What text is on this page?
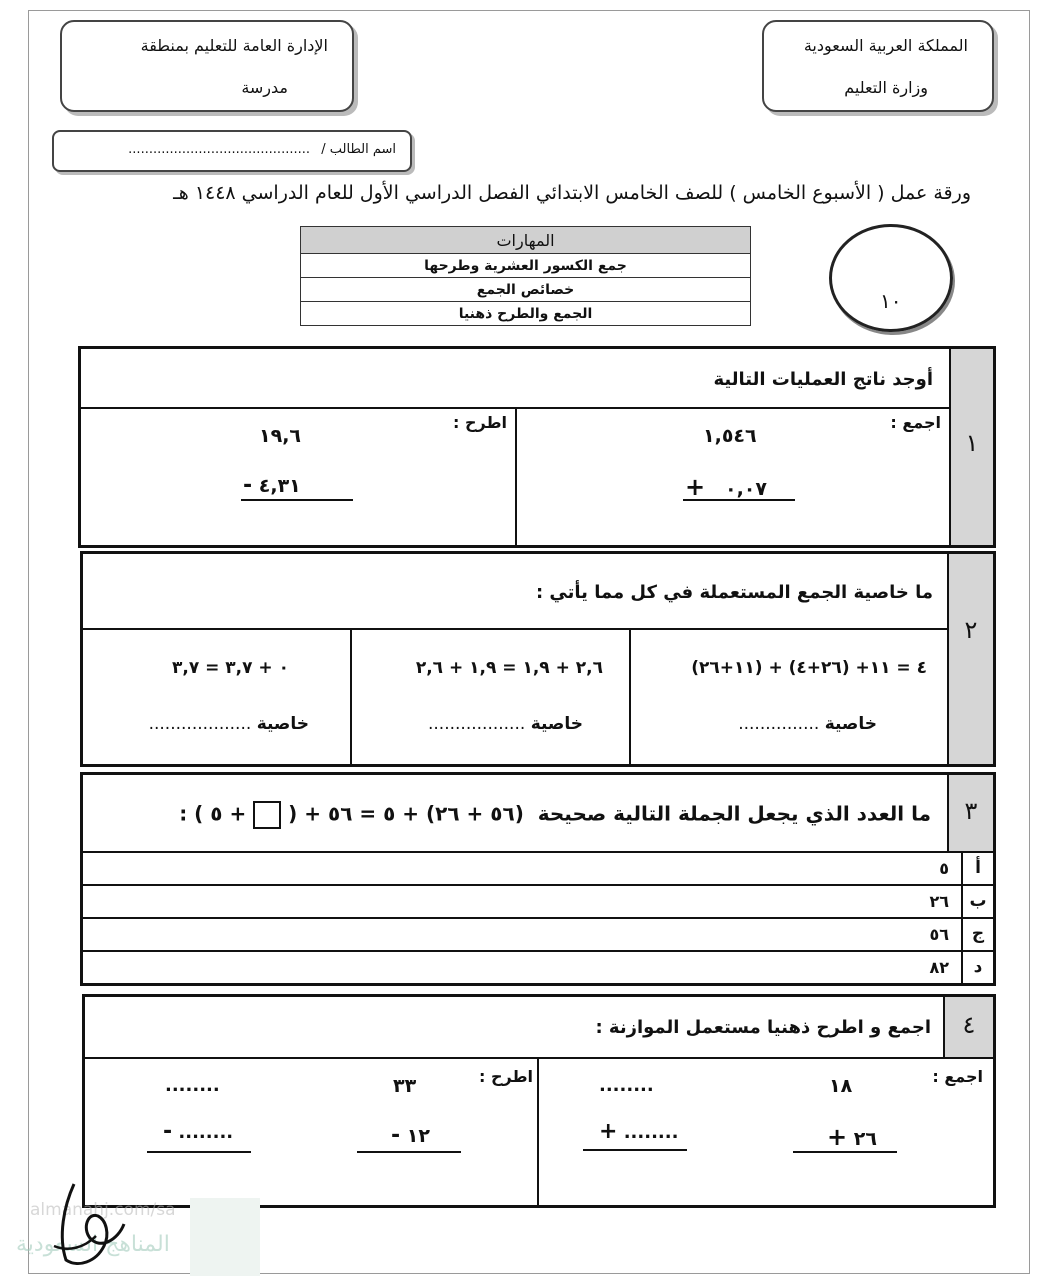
المملكة العربية السعودية
وزارة التعليم
الإدارة العامة للتعليم بمنطقة
مدرسة
اسم الطالب /
............................................
ورقة عمل ( الأسبوع الخامس ) للصف الخامس الابتدائي الفصل الدراسي الأول للعام الدراسي ١٤٤٨ هـ
المهارات
جمع الكسور العشرية وطرحها
خصائص الجمع
الجمع والطرح ذهنيا
١٠
١
أوجد ناتج العمليات التالية
اجمع :
١,٥٤٦
٠,٠٧   +
اطرح :
١٩,٦
٤,٣١ -
٢
ما خاصية الجمع المستعملة في كل مما يأتي :
(١١+٢٦) + ٤ = ١١+ (٢٦+٤)
خاصية ...............
٢,٦ + ١,٩ = ١,٩ + ٢,٦
خاصية ..................
٠ + ٣,٧ = ٣,٧
خاصية ...................
٣
ما العدد الذي يجعل الجملة التالية صحيحة  (٥٦ + ٢٦) + ٥ = ٥٦ + (  + ٥ ) :
أ
٥
ب
٢٦
ج
٥٦
د
٨٢
٤
اجمع و اطرح ذهنيا مستعمل الموازنة :
اجمع :
١٨
٢٦ +
........
........ +
اطرح :
٣٣
١٢ -
........
........ -
almanahj.com/sa
المناهج السعودية
